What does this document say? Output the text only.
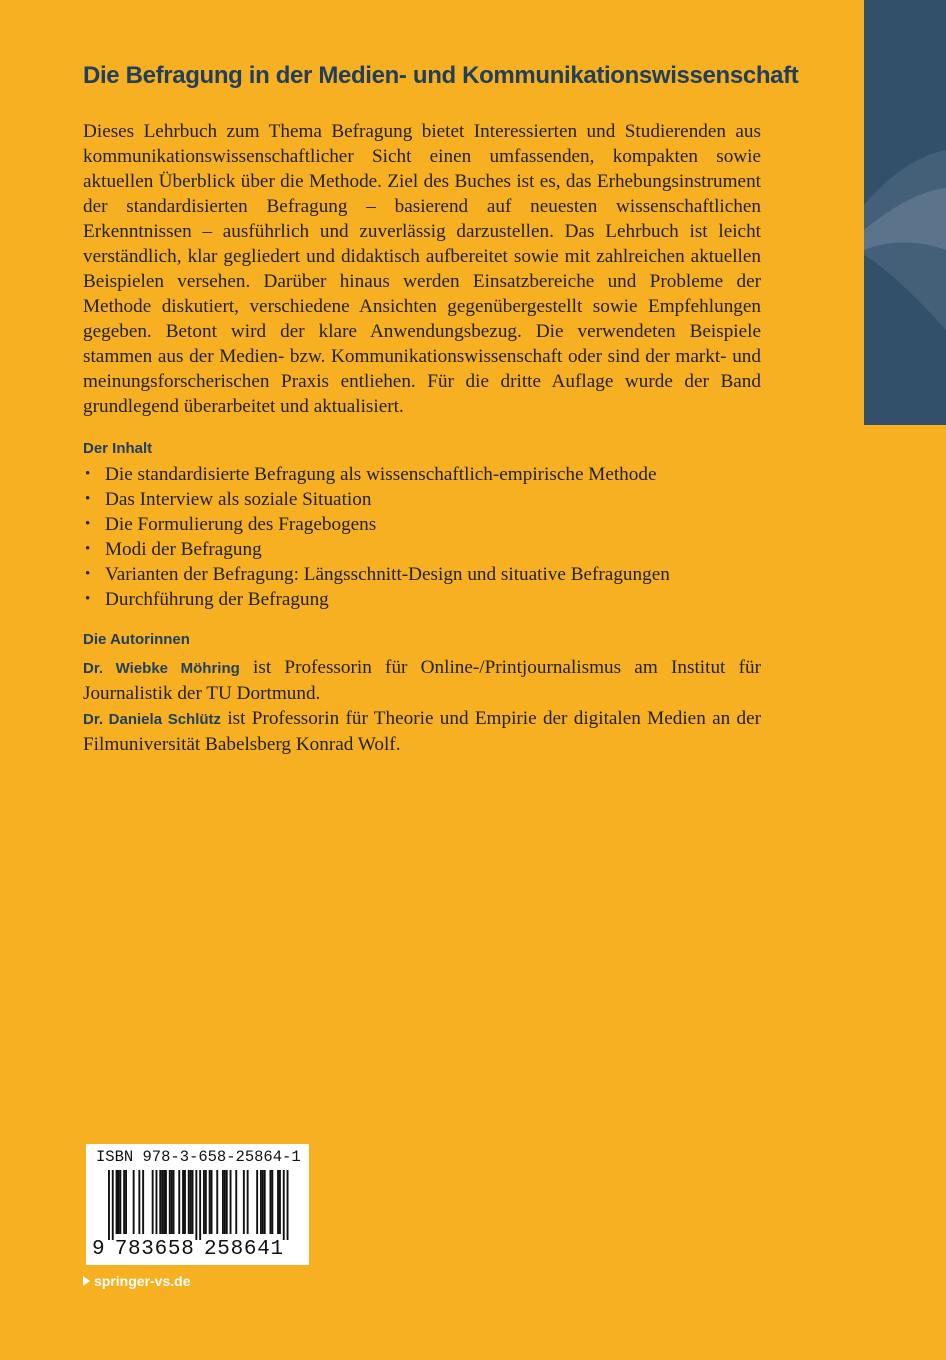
Die Befragung in der Medien- und Kommunikationswissenschaft

Dieses Lehrbuch zum Thema Befragung bietet Interessierten und Studierenden aus kommunikationswissenschaftlicher Sicht einen umfassenden, kompakten sowie aktuellen Überblick über die Methode. Ziel des Buches ist es, das Erhebungsinstrument der standardisierten Befragung – basierend auf neuesten wissenschaftlichen Erkenntnissen – ausführlich und zuverlässig darzustellen. Das Lehrbuch ist leicht verständlich, klar gegliedert und didaktisch aufbereitet sowie mit zahlreichen aktuellen Beispielen versehen. Darüber hinaus werden Einsatzbereiche und Probleme der Methode diskutiert, verschiedene Ansichten gegenübergestellt sowie Empfehlungen gegeben. Betont wird der klare Anwendungsbezug. Die verwendeten Beispiele stammen aus der Medien- bzw. Kommunikationswissenschaft oder sind der markt- und meinungsforscherischen Praxis entliehen. Für die dritte Auflage wurde der Band grundlegend überarbeitet und aktualisiert.

Der Inhalt
• Die standardisierte Befragung als wissenschaftlich-empirische Methode
• Das Interview als soziale Situation
• Die Formulierung des Fragebogens
• Modi der Befragung
• Varianten der Befragung: Längsschnitt-Design und situative Befragungen
• Durchführung der Befragung
Die Autorinnen

Dr. Wiebke Möhring ist Professorin für Online-/Printjournalismus am Institut für Journalistik der TU Dortmund.

Dr. Daniela Schlütz ist Professorin für Theorie und Empirie der digitalen Medien an der Filmuniversität Babelsberg Konrad Wolf.

9 7 8 3 6 5 8 2 5 8 6 4 1
ISBN 978-3-658-25864-1
springer-vs.de
